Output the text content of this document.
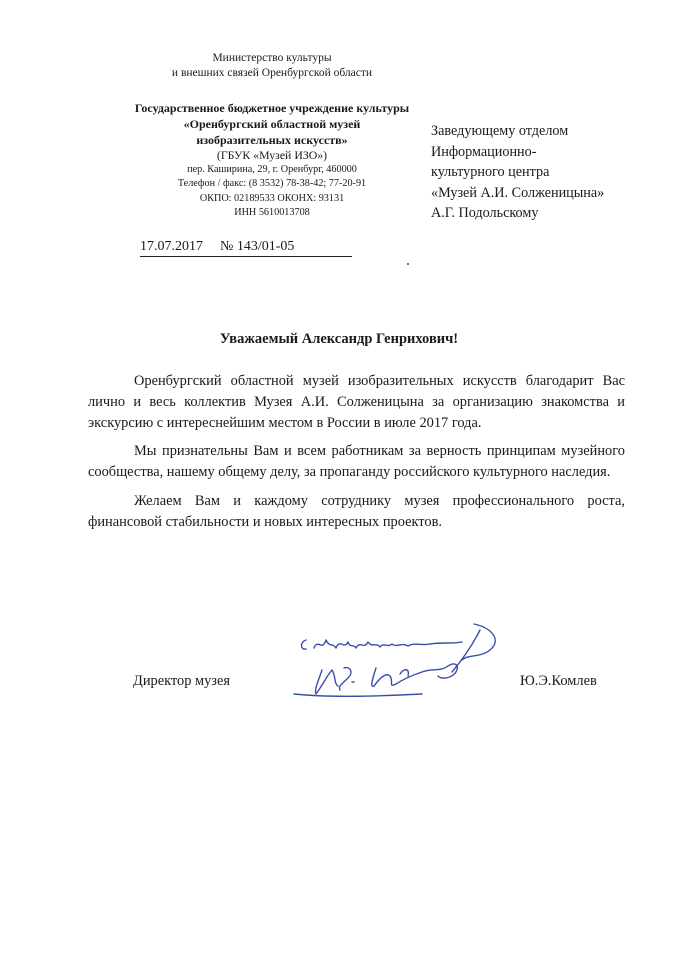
Министерство культуры
и внешних связей Оренбургской области
Государственное бюджетное учреждение культуры
«Оренбургский областной музей
изобразительных искусств»
(ГБУК «Музей ИЗО»)
пер. Каширина, 29, г. Оренбург, 460000
Телефон / факс: (8 3532) 78-38-42; 77-20-91
ОКПО: 02189533 ОКОНХ: 93131
ИНН 5610013708
Заведующему отделом
Информационно-
культурного центра
«Музей А.И. Солженицына»
А.Г. Подольскому
17.07.2017 № 143/01-05
Уважаемый Александр Генрихович!

Оренбургский областной музей изобразительных искусств благодарит Вас лично и весь коллектив Музея А.И. Солженицына за организацию знакомства и экскурсию с интереснейшим местом в России в июле 2017 года.

Мы признательны Вам и всем работникам за верность принципам музейного сообщества, нашему общему делу, за пропаганду российского культурного наследия.

Желаем Вам и каждому сотруднику музея профессионального роста, финансовой стабильности и новых интересных проектов.

Директор музея	Ю.Э.Комлев
